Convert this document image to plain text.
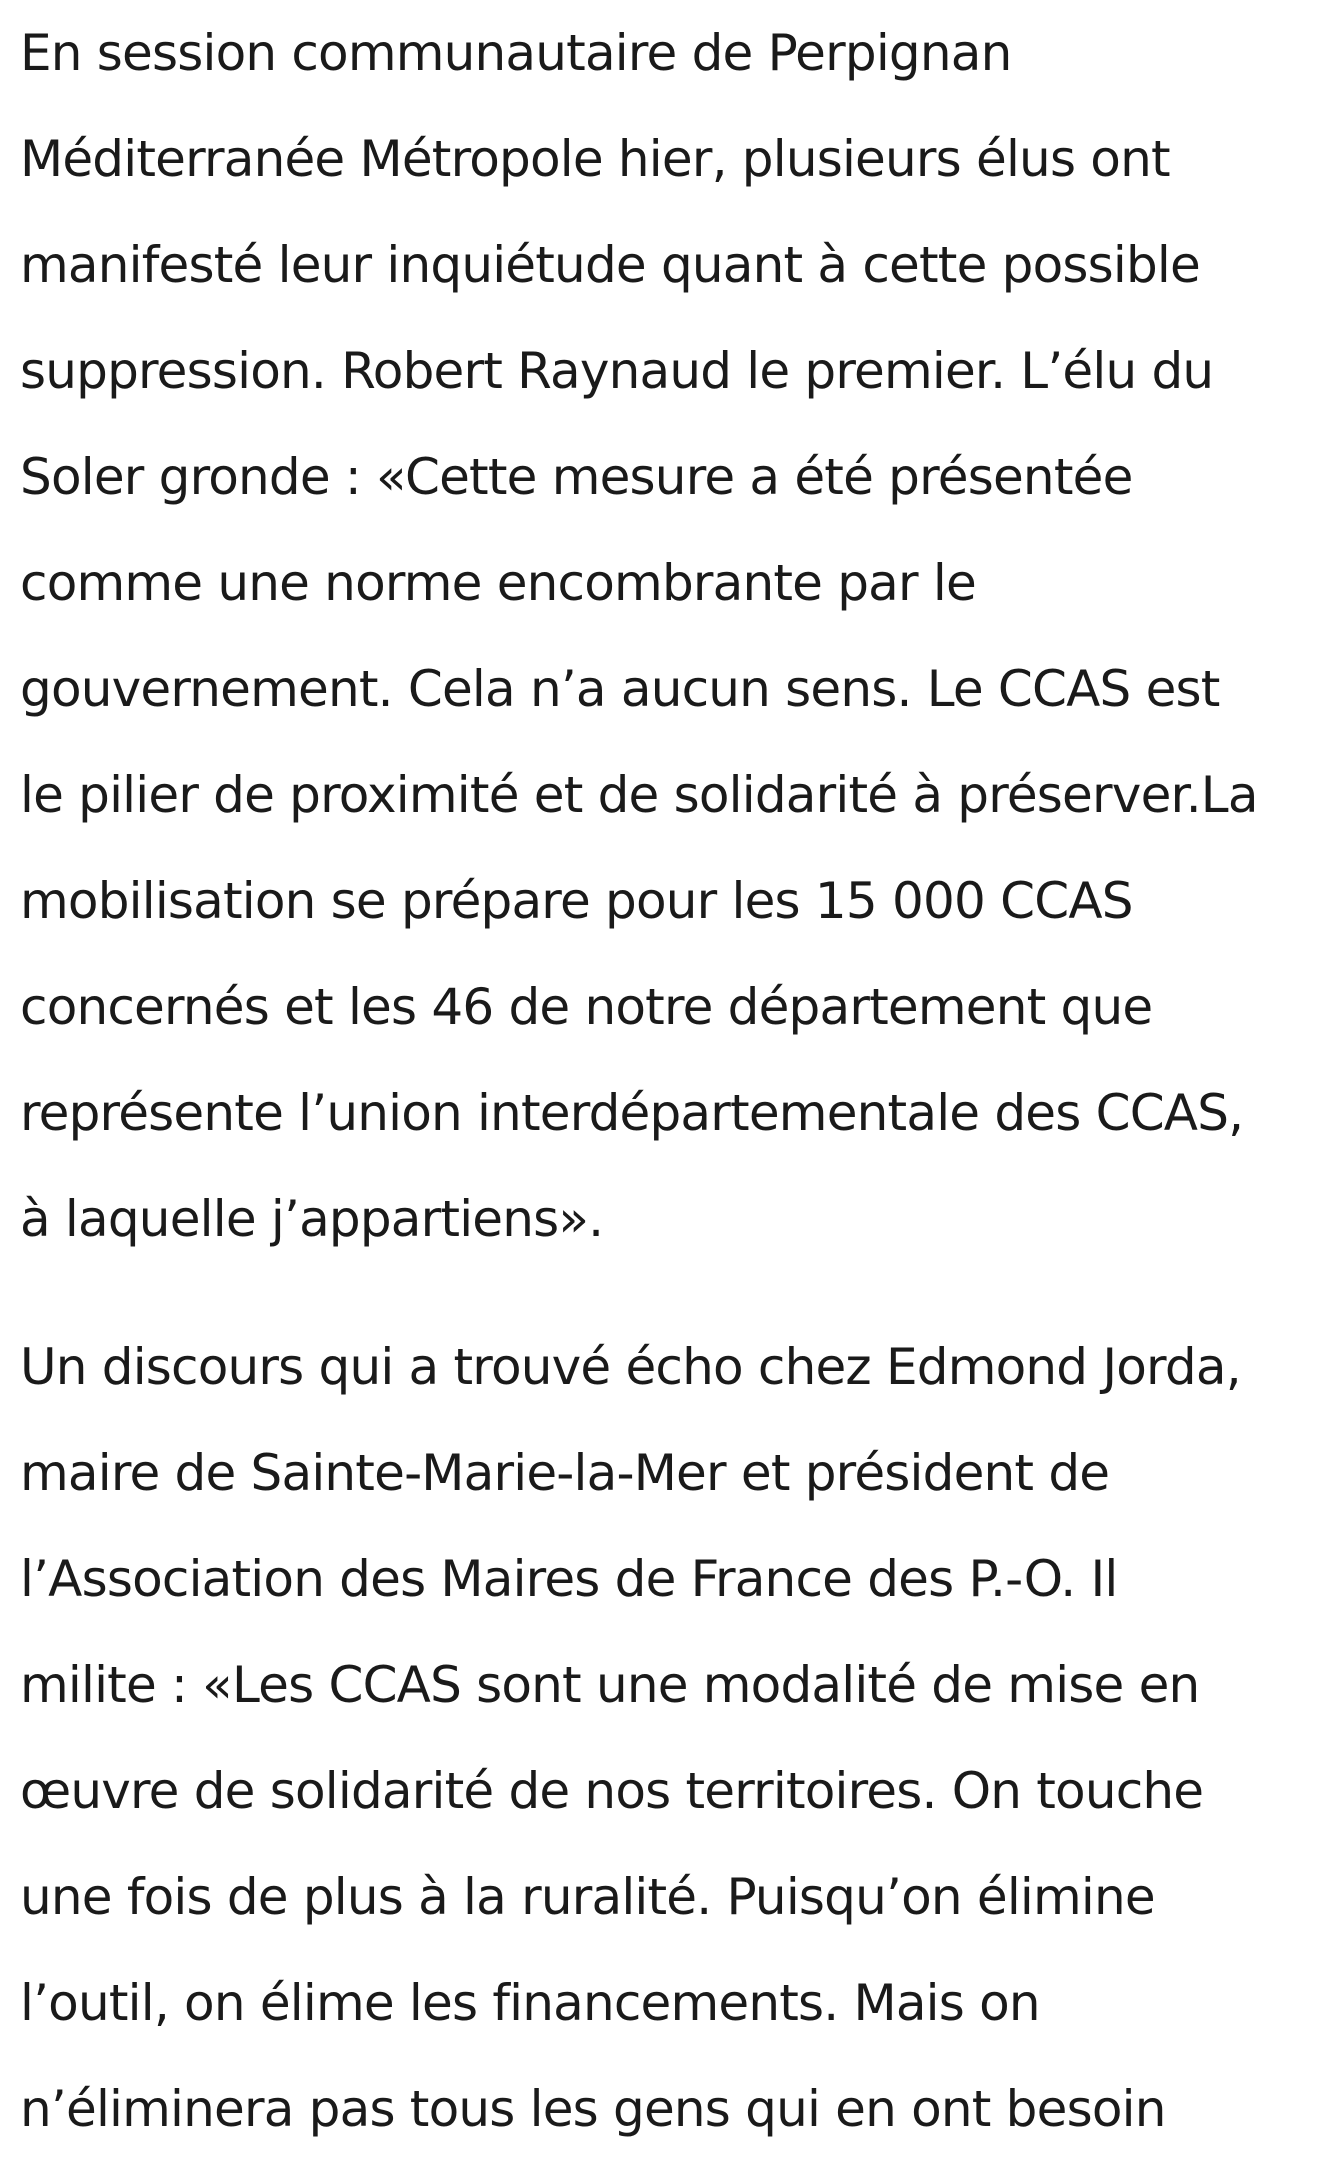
En session communautaire de Perpignan
Méditerranée Métropole hier, plusieurs élus ont
manifesté leur inquiétude quant à cette possible
suppression. Robert Raynaud le premier. L’élu du
Soler gronde : «Cette mesure a été présentée
comme une norme encombrante par le
gouvernement. Cela n’a aucun sens. Le CCAS est
le pilier de proximité et de solidarité à préserver.La
mobilisation se prépare pour les 15 000 CCAS
concernés et les 46 de notre département que
représente l’union interdépartementale des CCAS,
à laquelle j’appartiens».

Un discours qui a trouvé écho chez Edmond Jorda,
maire de Sainte-Marie-la-Mer et président de
l’Association des Maires de France des P.-O. Il
milite : «Les CCAS sont une modalité de mise en
œuvre de solidarité de nos territoires. On touche
une fois de plus à la ruralité. Puisqu’on élimine
l’outil, on élime les financements. Mais on
n’éliminera pas tous les gens qui en ont besoin
